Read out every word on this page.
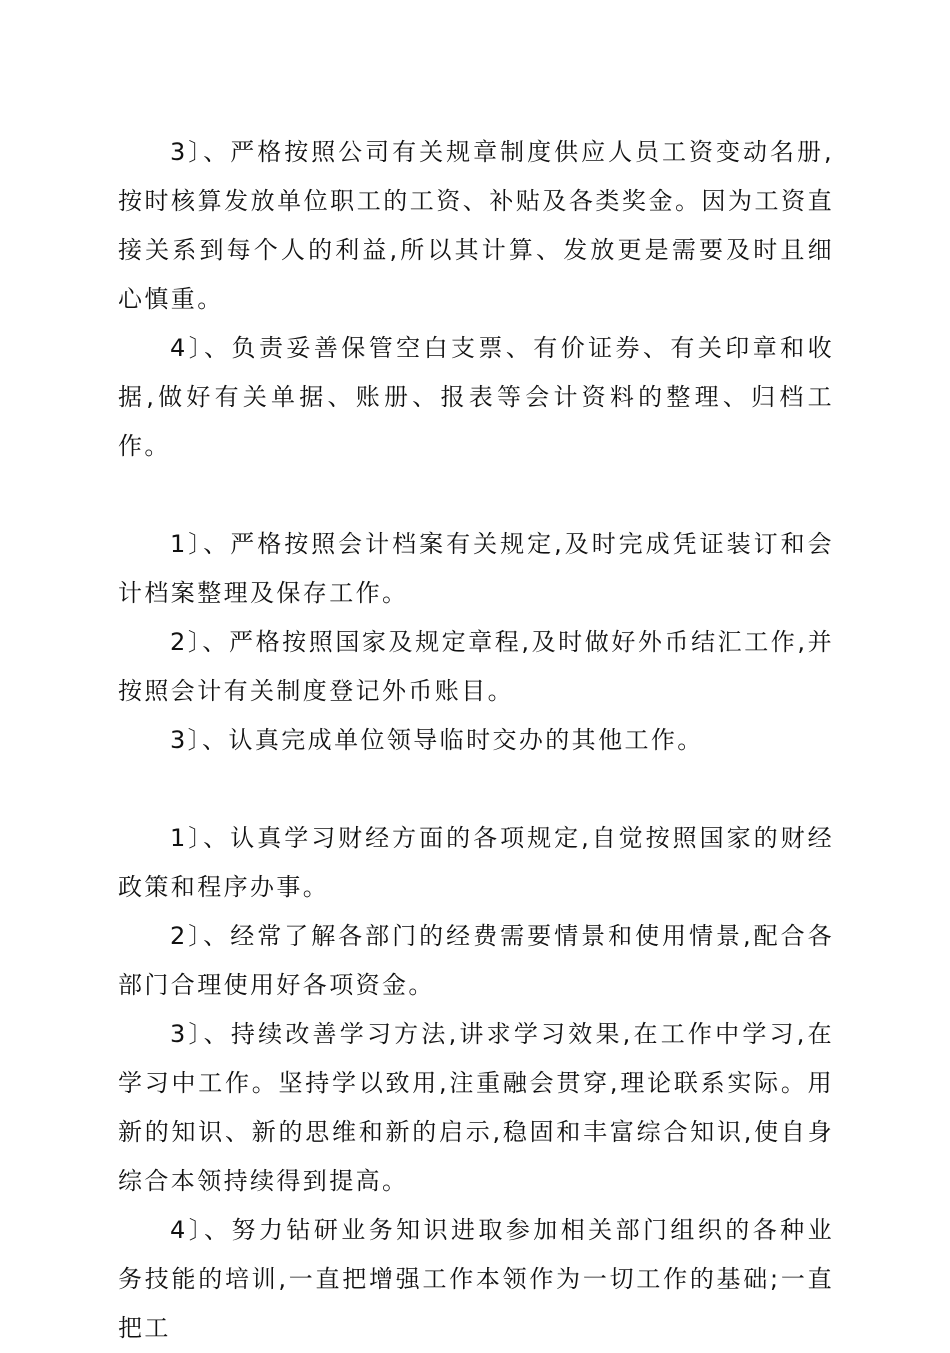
3〕、严格按照公司有关规章制度供应人员工资变动名册,按时核算发放单位职工的工资、补贴及各类奖金。因为工资直接关系到每个人的利益,所以其计算、发放更是需要及时且细心慎重。

4〕、负责妥善保管空白支票、有价证券、有关印章和收据,做好有关单据、账册、报表等会计资料的整理、归档工作。

1〕、严格按照会计档案有关规定,及时完成凭证装订和会计档案整理及保存工作。

2〕、严格按照国家及规定章程,及时做好外币结汇工作,并按照会计有关制度登记外币账目。

3〕、认真完成单位领导临时交办的其他工作。

1〕、认真学习财经方面的各项规定,自觉按照国家的财经政策和程序办事。

2〕、经常了解各部门的经费需要情景和使用情景,配合各部门合理使用好各项资金。

3〕、持续改善学习方法,讲求学习效果,在工作中学习,在学习中工作。坚持学以致用,注重融会贯穿,理论联系实际。用新的知识、新的思维和新的启示,稳固和丰富综合知识,使自身综合本领持续得到提高。

4〕、努力钻研业务知识进取参加相关部门组织的各种业务技能的培训,一直把增强工作本领作为一切工作的基础;一直把工
